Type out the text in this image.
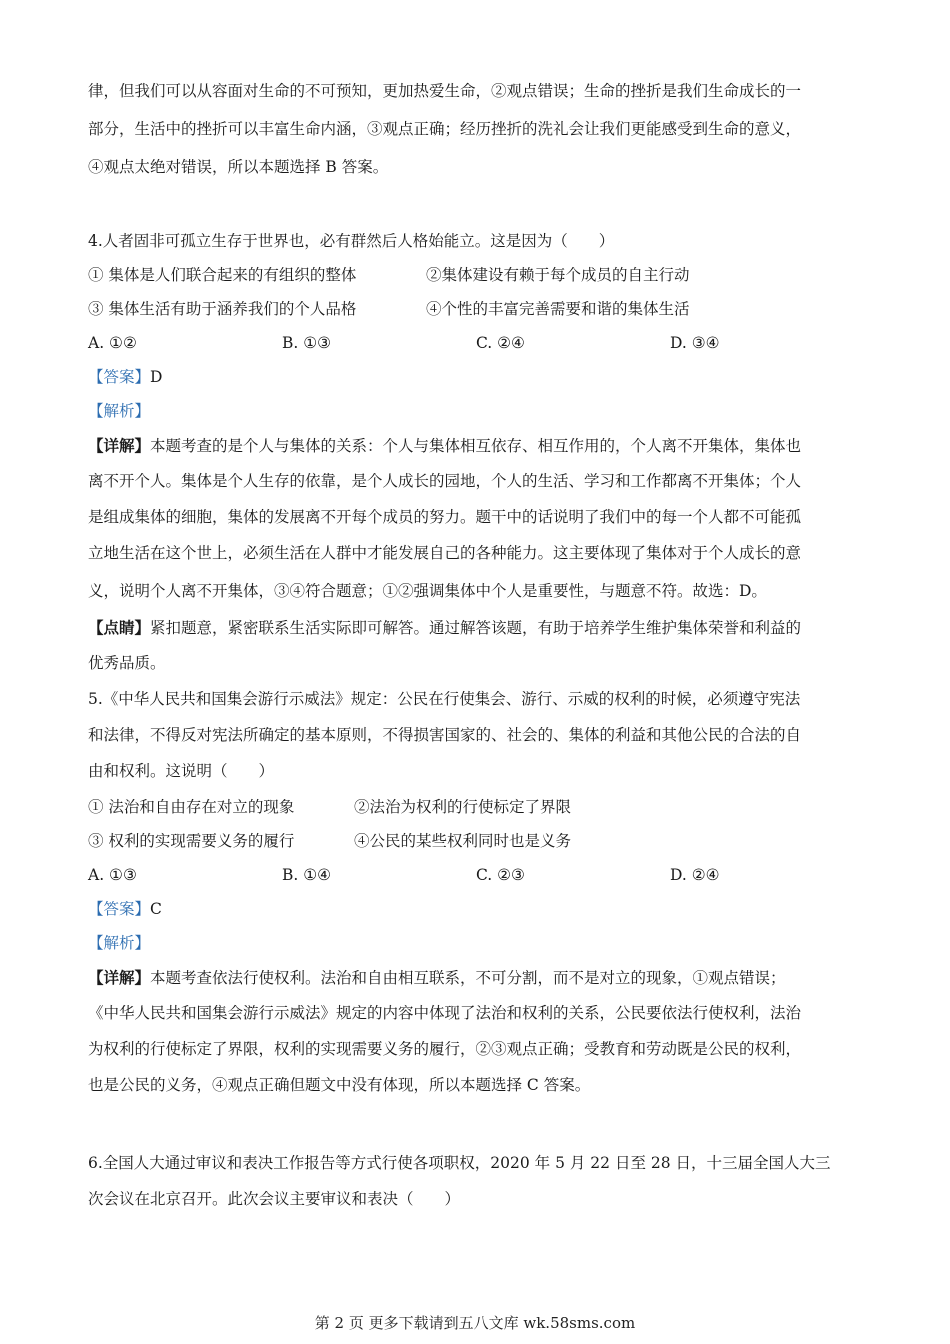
律，但我们可以从容面对生命的不可预知，更加热爱生命，②观点错误；生命的挫折是我们生命成长的一
部分，生活中的挫折可以丰富生命内涵，③观点正确；经历挫折的洗礼会让我们更能感受到生命的意义，
④观点太绝对错误，所以本题选择 B 答案。
4.人者固非可孤立生存于世界也，必有群然后人格始能立。这是因为（　　）
① 集体是人们联合起来的有组织的整体	②集体建设有赖于每个成员的自主行动
③ 集体生活有助于涵养我们的个人品格	④个性的丰富完善需要和谐的集体生活
A. ①②	B. ①③	C. ②④	D. ③④
【答案】D
【解析】
【详解】本题考查的是个人与集体的关系：个人与集体相互依存、相互作用的，个人离不开集体，集体也
离不开个人。集体是个人生存的依靠，是个人成长的园地，个人的生活、学习和工作都离不开集体；个人
是组成集体的细胞，集体的发展离不开每个成员的努力。题干中的话说明了我们中的每一个人都不可能孤
立地生活在这个世上，必须生活在人群中才能发展自己的各种能力。这主要体现了集体对于个人成长的意
义，说明个人离不开集体，③④符合题意；①②强调集体中个人是重要性，与题意不符。故选：D。
【点睛】紧扣题意，紧密联系生活实际即可解答。通过解答该题，有助于培养学生维护集体荣誉和利益的
优秀品质。
5.《中华人民共和国集会游行示威法》规定：公民在行使集会、游行、示威的权利的时候，必须遵守宪法
和法律，不得反对宪法所确定的基本原则，不得损害国家的、社会的、集体的利益和其他公民的合法的自
由和权利。这说明（　　）
① 法治和自由存在对立的现象	②法治为权利的行使标定了界限
③ 权利的实现需要义务的履行	④公民的某些权利同时也是义务
A. ①③	B. ①④	C. ②③	D. ②④
【答案】C
【解析】
【详解】本题考查依法行使权利。法治和自由相互联系，不可分割，而不是对立的现象，①观点错误；
《中华人民共和国集会游行示威法》规定的内容中体现了法治和权利的关系，公民要依法行使权利，法治
为权利的行使标定了界限，权利的实现需要义务的履行，②③观点正确；受教育和劳动既是公民的权利，
也是公民的义务，④观点正确但题文中没有体现，所以本题选择 C 答案。
6.全国人大通过审议和表决工作报告等方式行使各项职权，2020 年 5 月 22 日至 28 日，十三届全国人大三
次会议在北京召开。此次会议主要审议和表决（　　）
第 2 页 更多下载请到五八文库 wk.58sms.com
